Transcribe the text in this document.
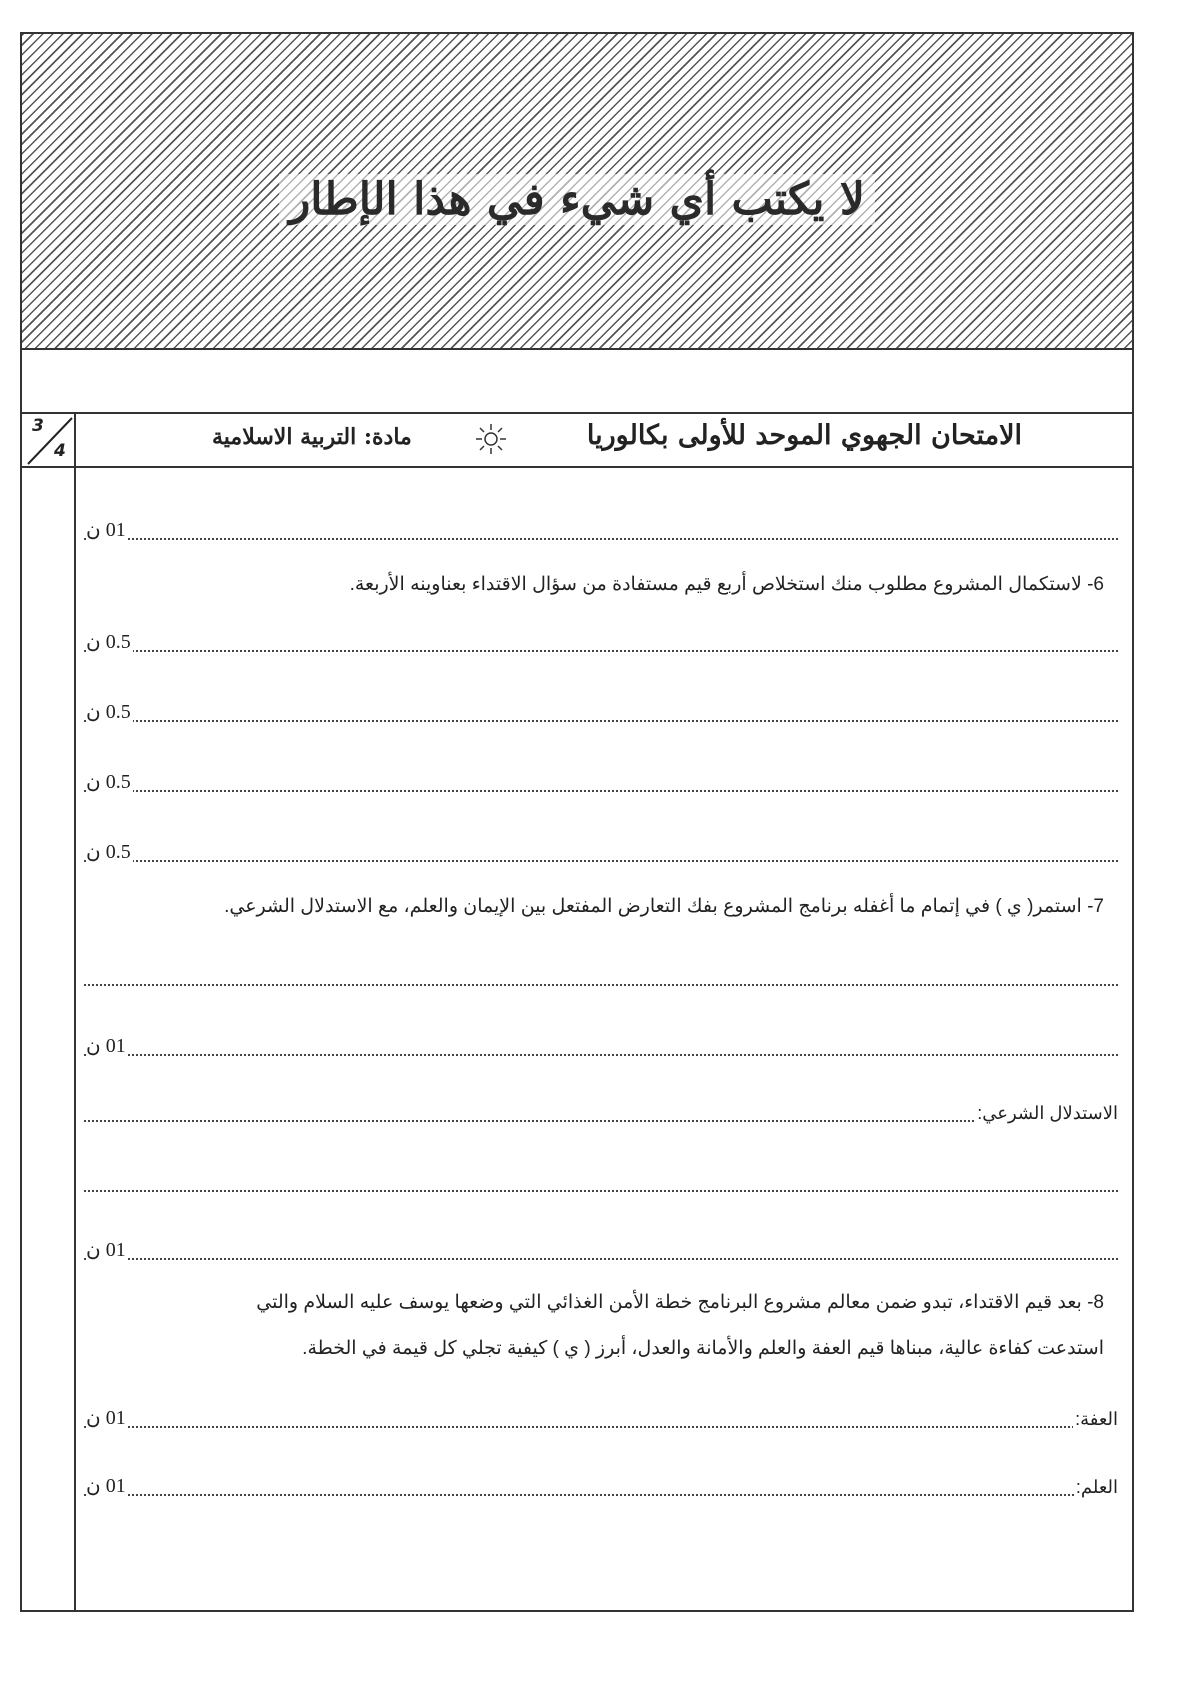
لا يكتب أي شيء في هذا الإطار
3
4	الامتحان الجهوي الموحد للأولى بكالوريا
مادة: التربية الاسلامية
01 ن
6- لاستكمال المشروع مطلوب منك استخلاص أربع قيم مستفادة من سؤال الاقتداء بعناوينه الأربعة.
0.5 ن
0.5 ن
0.5 ن
0.5 ن
7- استمر( ي ) في إتمام ما أغفله برنامج المشروع بفك التعارض المفتعل بين الإيمان والعلم، مع الاستدلال الشرعي.
01 ن
الاستدلال الشرعي:
01 ن
8- بعد قيم الاقتداء، تبدو ضمن معالم مشروع البرنامج خطة الأمن الغذائي التي وضعها يوسف عليه السلام والتي
استدعت كفاءة عالية، مبناها قيم العفة والعلم والأمانة والعدل، أبرز ( ي ) كيفية تجلي كل قيمة في الخطة.
العفة:
01 ن
العلم:
01 ن
